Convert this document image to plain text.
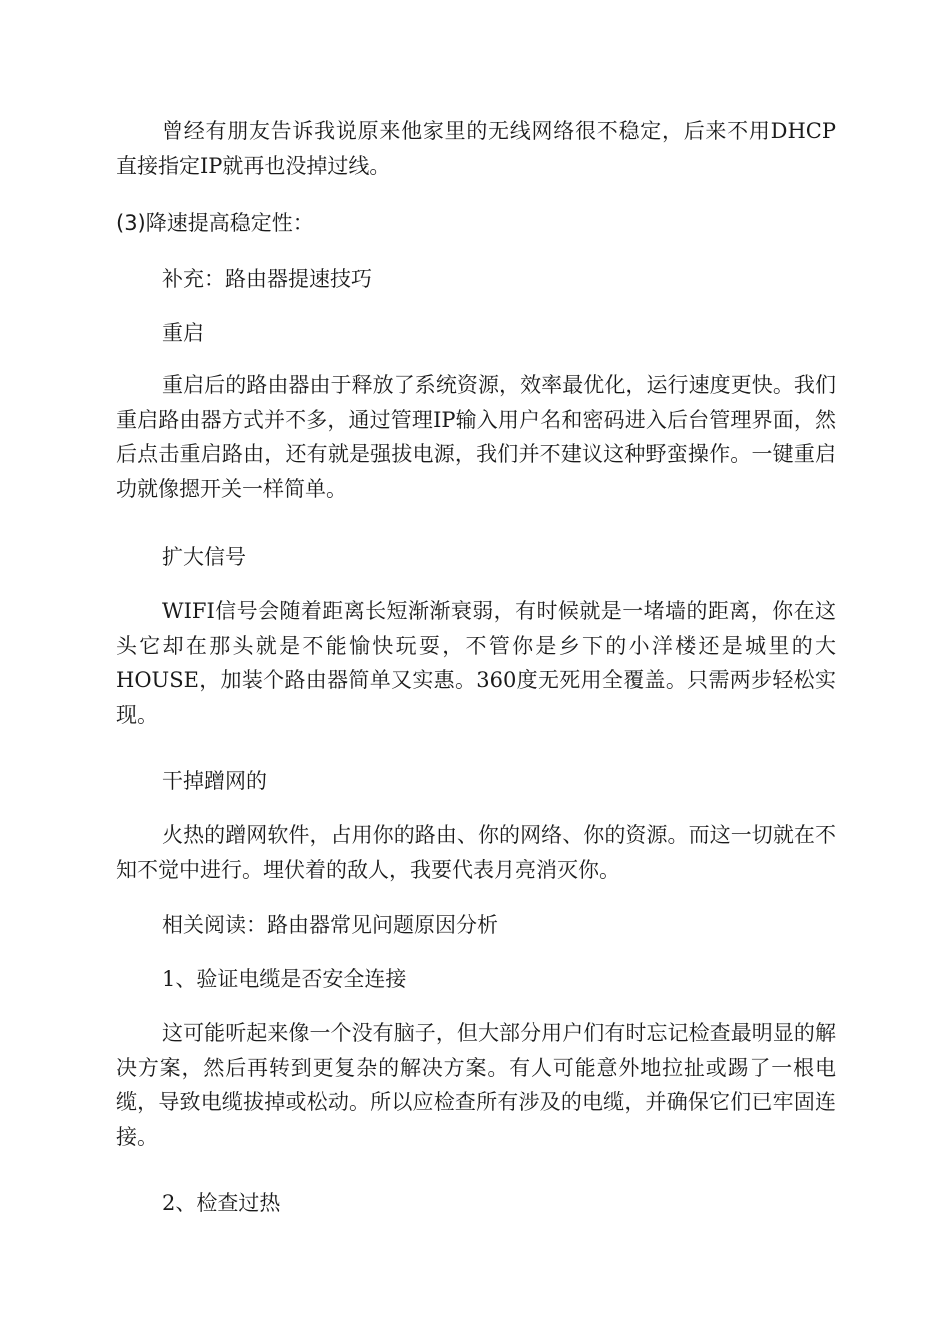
曾经有朋友告诉我说原来他家里的无线网络很不稳定，后来不用DHCP直接指定IP就再也没掉过线。

(3)降速提高稳定性：

补充：路由器提速技巧

重启

重启后的路由器由于释放了系统资源，效率最优化，运行速度更快。我们重启路由器方式并不多，通过管理IP输入用户名和密码进入后台管理界面，然后点击重启路由，还有就是强拔电源，我们并不建议这种野蛮操作。一键重启功就像摁开关一样简单。

扩大信号

WIFI信号会随着距离长短渐渐衰弱，有时候就是一堵墙的距离，你在这头它却在那头就是不能愉快玩耍，不管你是乡下的小洋楼还是城里的大HOUSE，加装个路由器简单又实惠。360度无死用全覆盖。只需两步轻松实现。

干掉蹭网的

火热的蹭网软件，占用你的路由、你的网络、你的资源。而这一切就在不知不觉中进行。埋伏着的敌人，我要代表月亮消灭你。

相关阅读：路由器常见问题原因分析

1、验证电缆是否安全连接

这可能听起来像一个没有脑子，但大部分用户们有时忘记检查最明显的解决方案，然后再转到更复杂的解决方案。有人可能意外地拉扯或踢了一根电缆，导致电缆拔掉或松动。所以应检查所有涉及的电缆，并确保它们已牢固连接。

2、检查过热
